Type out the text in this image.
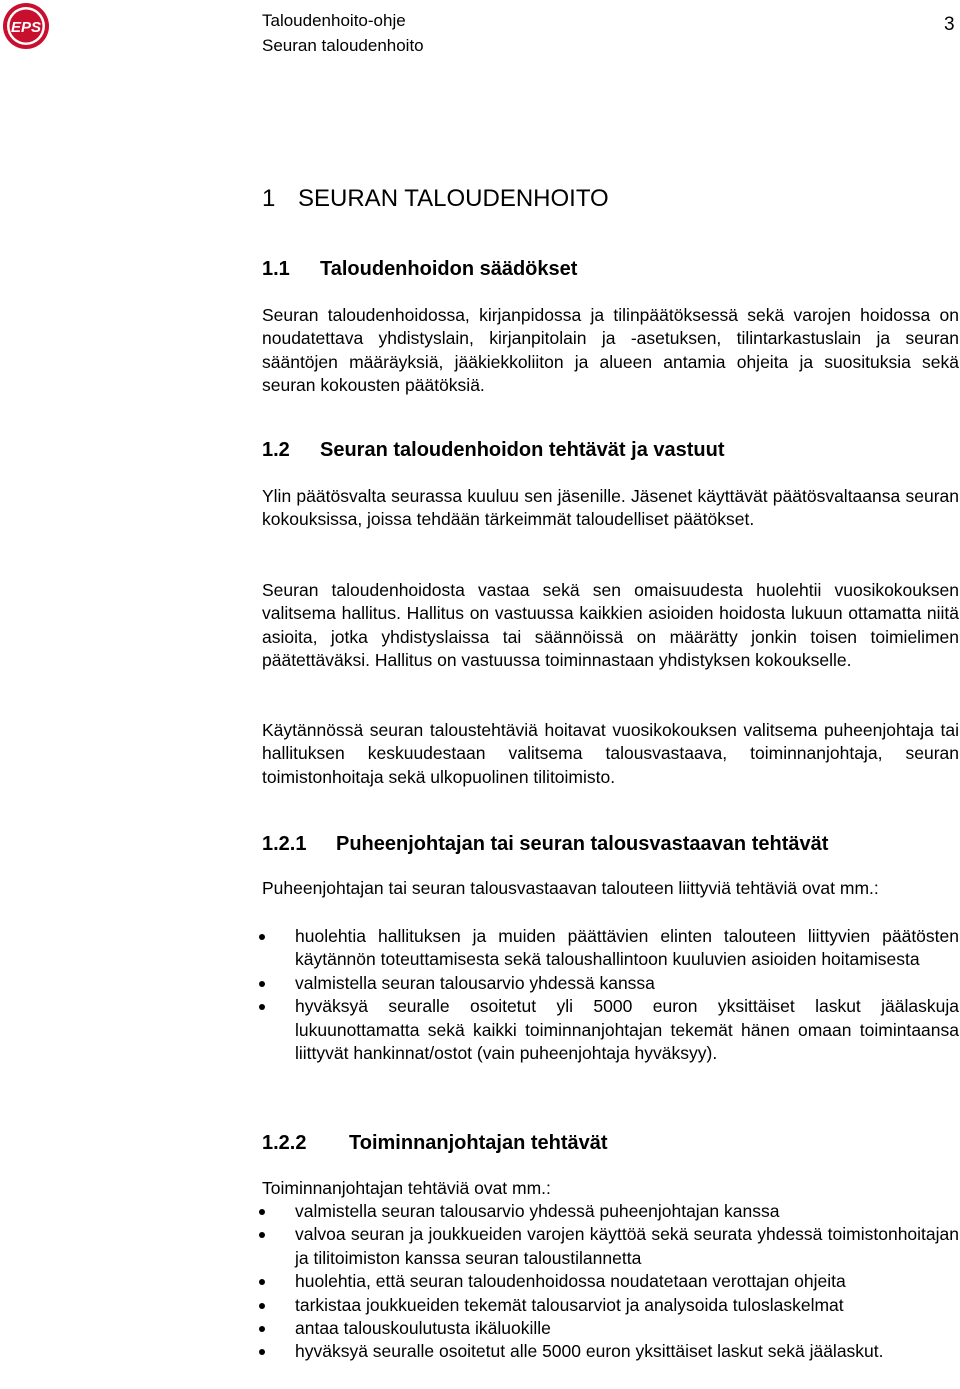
EPS	Taloudenhoito-ohje
Seuran taloudenhoito
3
1 SEURAN TALOUDENHOITO
1.1 Taloudenhoidon säädökset
Seuran taloudenhoidossa, kirjanpidossa ja tilinpäätöksessä sekä varojen hoidossa on noudatettava yhdistyslain, kirjanpitolain ja -asetuksen, tilintarkastuslain ja seuran sääntöjen määräyksiä, jääkiekkoliiton ja alueen antamia ohjeita ja suosituksia sekä seuran kokousten päätöksiä.
1.2 Seuran taloudenhoidon tehtävät ja vastuut
Ylin päätösvalta seurassa kuuluu sen jäsenille. Jäsenet käyttävät päätösvaltaansa seuran kokouksissa, joissa tehdään tärkeimmät taloudelliset päätökset.
Seuran taloudenhoidosta vastaa sekä sen omaisuudesta huolehtii vuosikokouksen valitsema hallitus. Hallitus on vastuussa kaikkien asioiden hoidosta lukuun ottamatta niitä asioita, jotka yhdistyslaissa tai säännöissä on määrätty jonkin toisen toimielimen päätettäväksi. Hallitus on vastuussa toiminnastaan yhdistyksen kokoukselle.
Käytännössä seuran taloustehtäviä hoitavat vuosikokouksen valitsema puheenjohtaja tai hallituksen keskuudestaan valitsema talousvastaava, toiminnanjohtaja, seuran toimistonhoitaja sekä ulkopuolinen tilitoimisto.
1.2.1 Puheenjohtajan tai seuran talousvastaavan tehtävät
Puheenjohtajan tai seuran talousvastaavan talouteen liittyviä tehtäviä ovat mm.:
huolehtia hallituksen ja muiden päättävien elinten talouteen liittyvien päätösten käytännön toteuttamisesta sekä taloushallintoon kuuluvien asioiden hoitamisesta
valmistella seuran talousarvio yhdessä kanssa
hyväksyä seuralle osoitetut yli 5000 euron yksittäiset laskut jäälaskuja lukuunottamatta sekä kaikki toiminnanjohtajan tekemät hänen omaan toimintaansa liittyvät hankinnat/ostot (vain puheenjohtaja hyväksyy).
1.2.2 Toiminnanjohtajan tehtävät
Toiminnanjohtajan tehtäviä ovat mm.:
valmistella seuran talousarvio yhdessä puheenjohtajan kanssa
valvoa seuran ja joukkueiden varojen käyttöä sekä seurata yhdessä toimistonhoitajan ja tilitoimiston kanssa seuran taloustilannetta
huolehtia, että seuran taloudenhoidossa noudatetaan verottajan ohjeita
tarkistaa joukkueiden tekemät talousarviot ja analysoida tuloslaskelmat
antaa talouskoulutusta ikäluokille
hyväksyä seuralle osoitetut alle 5000 euron yksittäiset laskut sekä jäälaskut.
